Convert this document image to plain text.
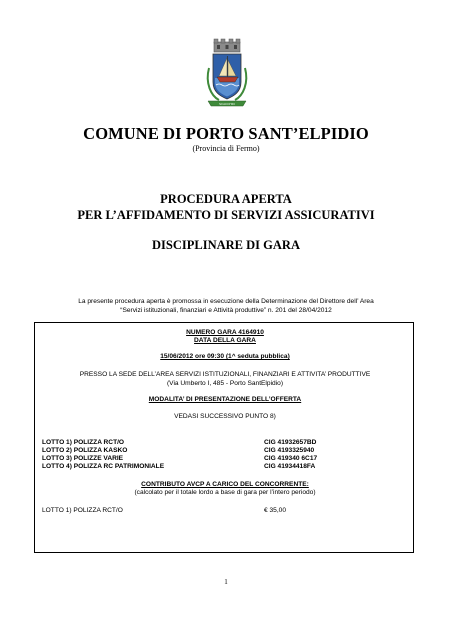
SCACCHIO
COMUNE DI PORTO SANT’ELPIDIO
(Provincia di Fermo)
PROCEDURA APERTA
PER L’AFFIDAMENTO DI SERVIZI ASSICURATIVI
DISCIPLINARE DI GARA
La presente procedura aperta è promossa in esecuzione della Determinazione del Direttore dell’ Area
“Servizi istituzionali, finanziari e Attività produttive” n. 201 del 28/04/2012
NUMERO GARA 4164910
DATA DELLA GARA
15/06/2012 ore 09:30 (1^ seduta pubblica)
PRESSO LA SEDE DELL’AREA SERVIZI ISTITUZIONALI, FINANZIARI E ATTIVITA’ PRODUTTIVE
(Via Umberto I, 485 - Porto SantElpidio)
MODALITA’ DI PRESENTAZIONE DELL’OFFERTA
VEDASI SUCCESSIVO PUNTO 8)
LOTTO 1) POLIZZA RCT/O	CIG 41932657BD
LOTTO 2) POLIZZA KASKO	CIG 4193325940
LOTTO 3) POLIZZE VARIE	CIG 419340 6C17
LOTTO 4) POLIZZA RC PATRIMONIALE	CIG 41934418FA
CONTRIBUTO AVCP A CARICO DEL CONCORRENTE:
(calcolato per il totale lordo a base di gara per l’intero periodo)
LOTTO 1) POLIZZA RCT/O	€ 35,00
1
